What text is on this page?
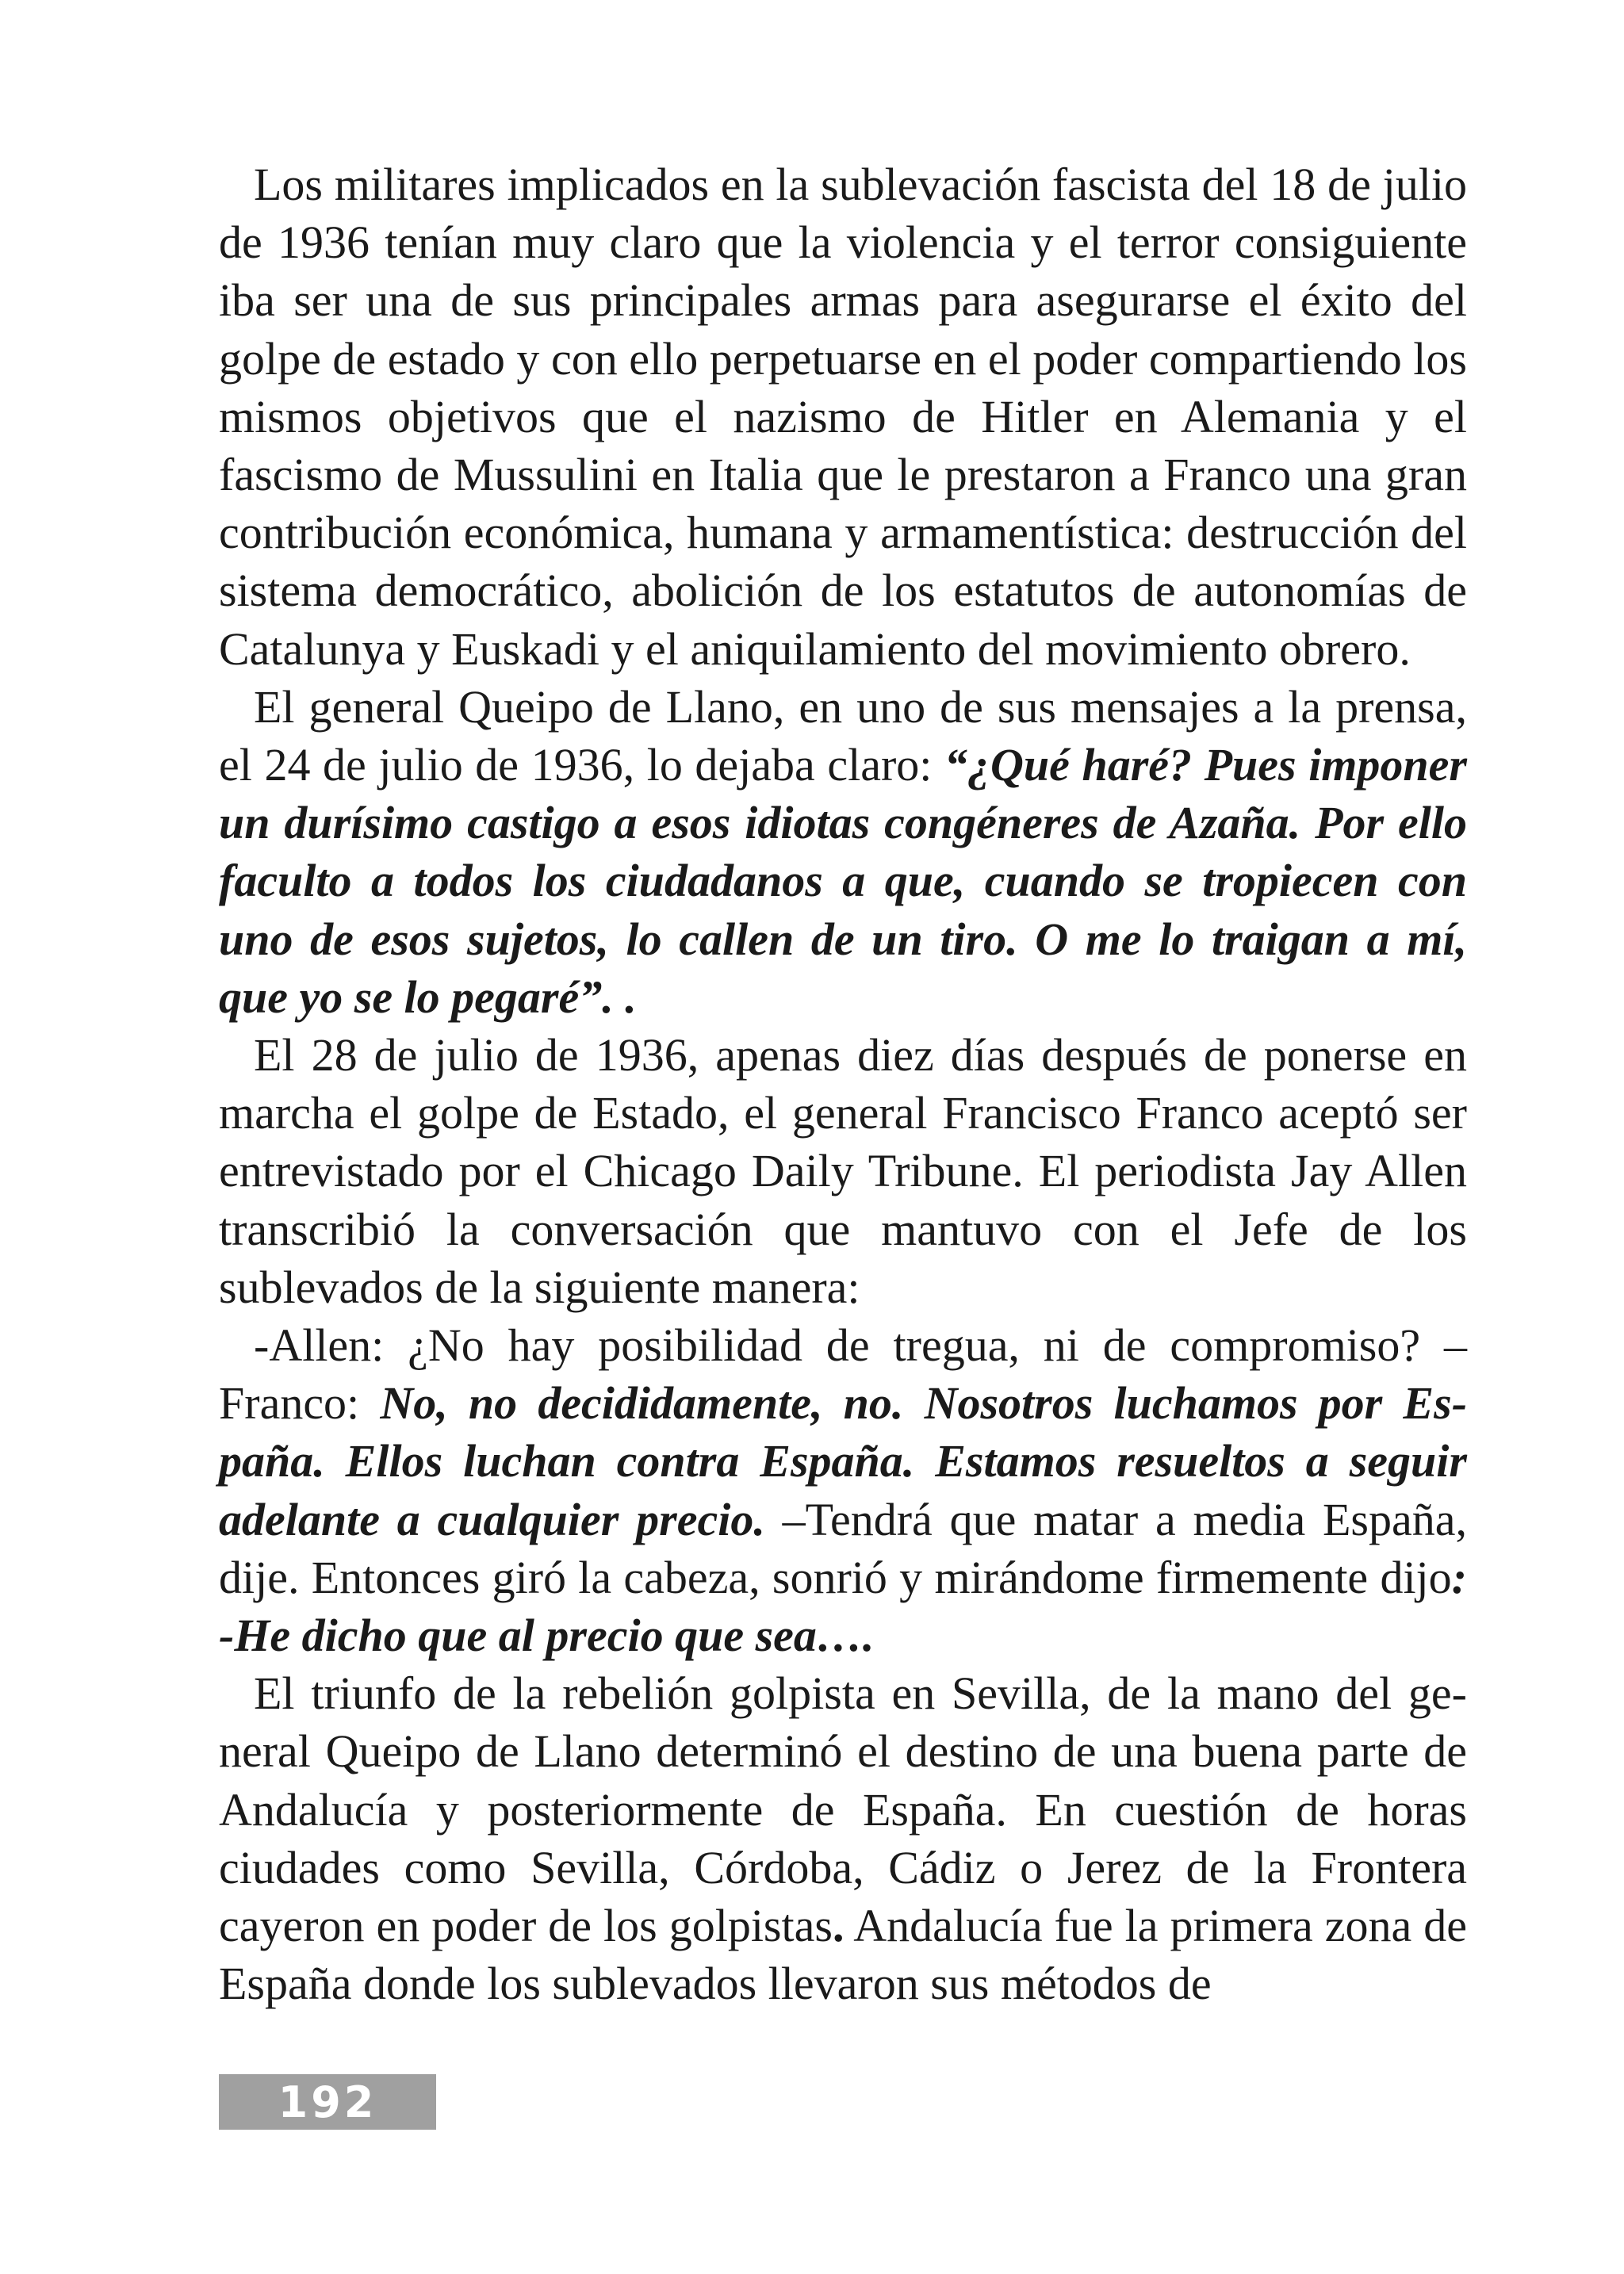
Los militares implicados en la sublevación fascista del 18 de julio de 1936 tenían muy claro que la violencia y el terror consiguiente iba ser una de sus principales armas para asegurarse el éxito del golpe de estado y con ello perpetuarse en el poder compartiendo los mismos objetivos que el nazismo de Hitler en Alemania y el fascismo de Mussulini en Italia que le prestaron a Franco una gran contribución económica, humana y armamentística: destrucción del sistema democrático, abolición de los estatutos de autonomías de Catalunya y Euskadi y el aniquilamiento del movimiento obrero.

El general Queipo de Llano, en uno de sus mensajes a la prensa, el 24 de julio de 1936, lo dejaba claro: “¿Qué haré? Pues imponer un durísimo castigo a esos idiotas congéneres de Azaña. Por ello faculto a todos los ciudadanos a que, cuando se tropiecen con uno de esos sujetos, lo callen de un tiro. O me lo traigan a mí, que yo se lo pegaré”. .

El 28 de julio de 1936, apenas diez días después de ponerse en marcha el golpe de Estado, el general Francisco Franco aceptó ser entrevistado por el Chicago Daily Tribune. El periodista Jay Allen transcribió la conversación que mantuvo con el Jefe de los sublevados de la siguiente manera:

-Allen: ¿No hay posibilidad de tregua, ni de compromiso? –Franco: No, no decididamente, no. Nosotros luchamos por España. Ellos luchan contra España. Estamos resueltos a seguir adelante a cualquier precio. –Tendrá que matar a media España, dije. Entonces giró la cabeza, sonrió y mirándome firmemente dijo: -He dicho que al precio que sea….

El triunfo de la rebelión golpista en Sevilla, de la mano del general Queipo de Llano determinó el destino de una buena parte de Andalucía y posteriormente de España. En cuestión de horas ciudades como Sevilla, Córdoba, Cádiz o Jerez de la Frontera cayeron en poder de los golpistas. Andalucía fue la primera zona de España donde los sublevados llevaron sus métodos de

192
